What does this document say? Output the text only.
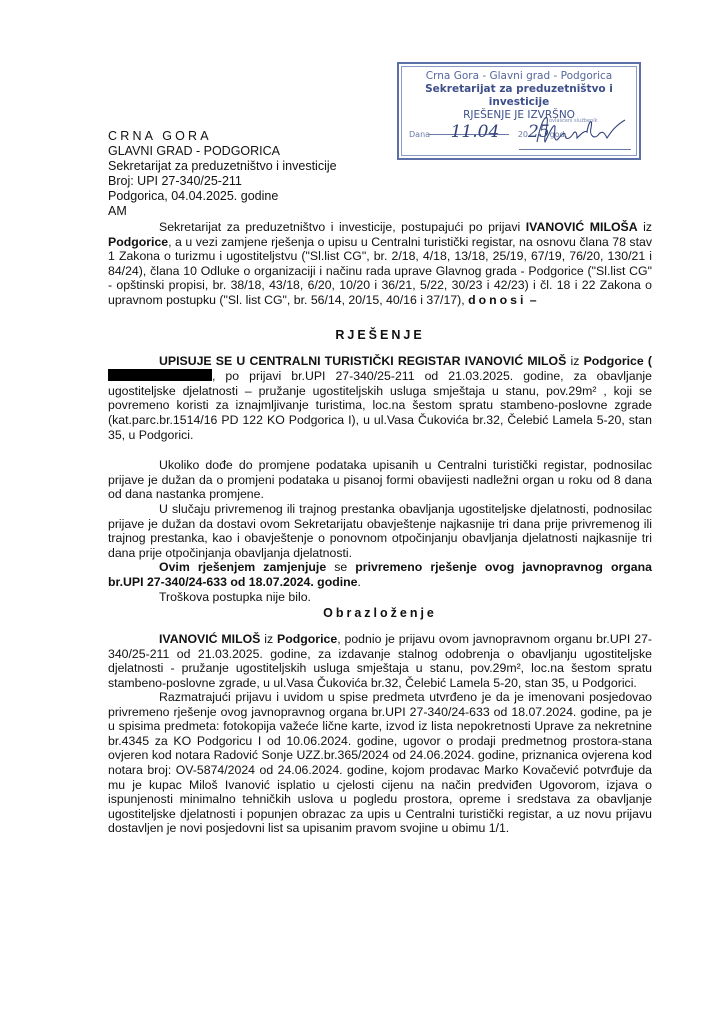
Crna Gora - Glavni grad - Podgorica
Sekretarijat za preduzetništvo i investicije
RJEŠENJE JE IZVRŠNO
Dana 11.04 2025god.
ovlašćeni službenik
CRNA GORA
GLAVNI GRAD - PODGORICA
Sekretarijat za preduzetništvo i investicije
Broj: UPI 27-340/25-211
Podgorica, 04.04.2025. godine
AM
Sekretarijat za preduzetništvo i investicije, postupajući po prijavi IVANOVIĆ MILOŠA iz Podgorice, a u vezi zamjene rješenja o upisu u Centralni turistički registar, na osnovu člana 78 stav 1 Zakona o turizmu i ugostiteljstvu ("Sl.list CG", br. 2/18, 4/18, 13/18, 25/19, 67/19, 76/20, 130/21 i 84/24), člana 10 Odluke o organizaciji i načinu rada uprave Glavnog grada - Podgorice ("Sl.list CG" - opštinski propisi, br. 38/18, 43/18, 6/20, 10/20 i 36/21, 5/22, 30/23 i 42/23) i čl. 18 i 22 Zakona o upravnom postupku ("Sl. list CG", br. 56/14, 20/15, 40/16 i 37/17), donosi –
RJEŠENJE
UPISUJE SE U CENTRALNI TURISTIČKI REGISTAR IVANOVIĆ MILOŠ iz Podgorice (, po prijavi br.UPI 27-340/25-211 od 21.03.2025. godine, za obavljanje ugostiteljske djelatnosti – pružanje ugostiteljskih usluga smještaja u stanu, pov.29m² , koji se povremeno koristi za iznajmljivanje turistima, loc.na šestom spratu stambeno-poslovne zgrade (kat.parc.br.1514/16 PD 122 KO Podgorica I), u ul.Vasa Čukovića br.32, Čelebić Lamela 5-20, stan 35, u Podgorici.
Ukoliko dođe do promjene podataka upisanih u Centralni turistički registar, podnosilac prijave je dužan da o promjeni podataka u pisanoj formi obavijesti nadležni organ u roku od 8 dana od dana nastanka promjene.
U slučaju privremenog ili trajnog prestanka obavljanja ugostiteljske djelatnosti, podnosilac prijave je dužan da dostavi ovom Sekretarijatu obavještenje najkasnije tri dana prije privremenog ili trajnog prestanka, kao i obavještenje o ponovnom otpočinjanju obavljanja djelatnosti najkasnije tri dana prije otpočinjanja obavljanja djelatnosti.
Ovim rješenjem zamjenjuje se privremeno rješenje ovog javnopravnog organa br.UPI 27-340/24-633 od 18.07.2024. godine.
Troškova postupka nije bilo.
Obrazloženje
IVANOVIĆ MILOŠ iz Podgorice, podnio je prijavu ovom javnopravnom organu br.UPI 27-340/25-211 od 21.03.2025. godine, za izdavanje stalnog odobrenja o obavljanju ugostiteljske djelatnosti - pružanje ugostiteljskih usluga smještaja u stanu, pov.29m², loc.na šestom spratu stambeno-poslovne zgrade, u ul.Vasa Čukovića br.32, Čelebić Lamela 5-20, stan 35, u Podgorici.
Razmatrajući prijavu i uvidom u spise predmeta utvrđeno je da je imenovani posjedovao privremeno rješenje ovog javnopravnog organa br.UPI 27-340/24-633 od 18.07.2024. godine, pa je u spisima predmeta: fotokopija važeće lične karte, izvod iz lista nepokretnosti Uprave za nekretnine br.4345 za KO Podgoricu I od 10.06.2024. godine, ugovor o prodaji predmetnog prostora-stana ovjeren kod notara Radović Sonje UZZ.br.365/2024 od 24.06.2024. godine, priznanica ovjerena kod notara broj: OV-5874/2024 od 24.06.2024. godine, kojom prodavac Marko Kovačević potvrđuje da mu je kupac Miloš Ivanović isplatio u cjelosti cijenu na način predviđen Ugovorom, izjava o ispunjenosti minimalno tehničkih uslova u pogledu prostora, opreme i sredstava za obavljanje ugostiteljske djelatnosti i popunjen obrazac za upis u Centralni turistički registar, a uz novu prijavu dostavljen je novi posjedovni list sa upisanim pravom svojine u obimu 1/1.
